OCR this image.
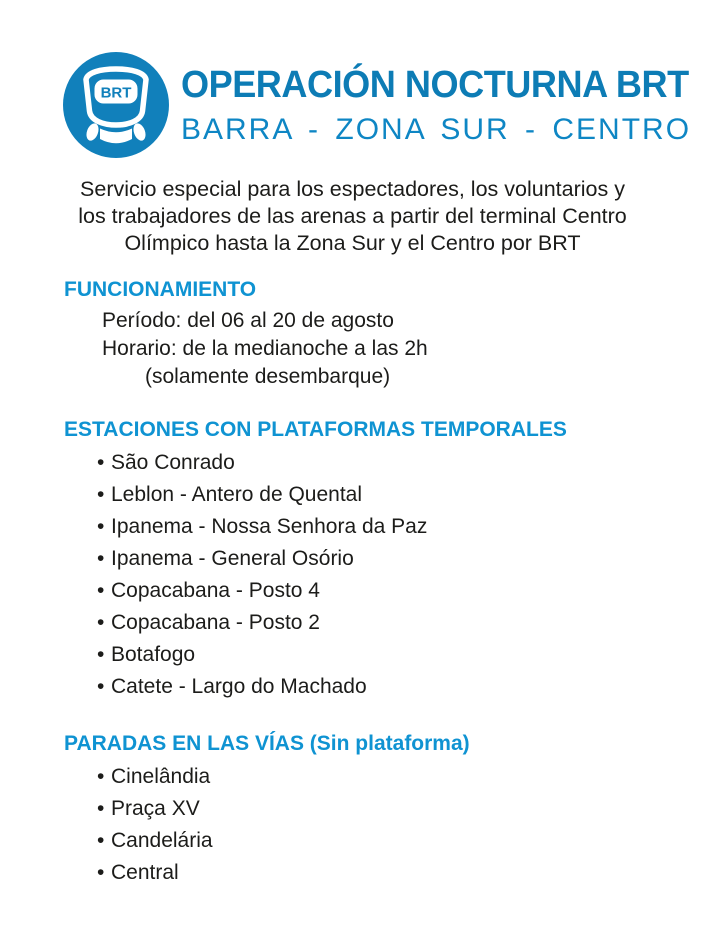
BRT OPERACIÓN NOCTURNA BRT
BARRA - ZONA SUR - CENTRO
Servicio especial para los espectadores, los voluntarios y
los trabajadores de las arenas a partir del terminal Centro
Olímpico hasta la Zona Sur y el Centro por BRT
FUNCIONAMIENTO
Período: del 06 al 20 de agosto
Horario: de la medianoche a las 2h
(solamente desembarque)
ESTACIONES CON PLATAFORMAS TEMPORALES
• São Conrado
• Leblon - Antero de Quental
• Ipanema - Nossa Senhora da Paz
• Ipanema - General Osório
• Copacabana - Posto 4
• Copacabana - Posto 2
• Botafogo
• Catete - Largo do Machado
PARADAS EN LAS VÍAS (Sin plataforma)
• Cinelândia
• Praça XV
• Candelária
• Central
